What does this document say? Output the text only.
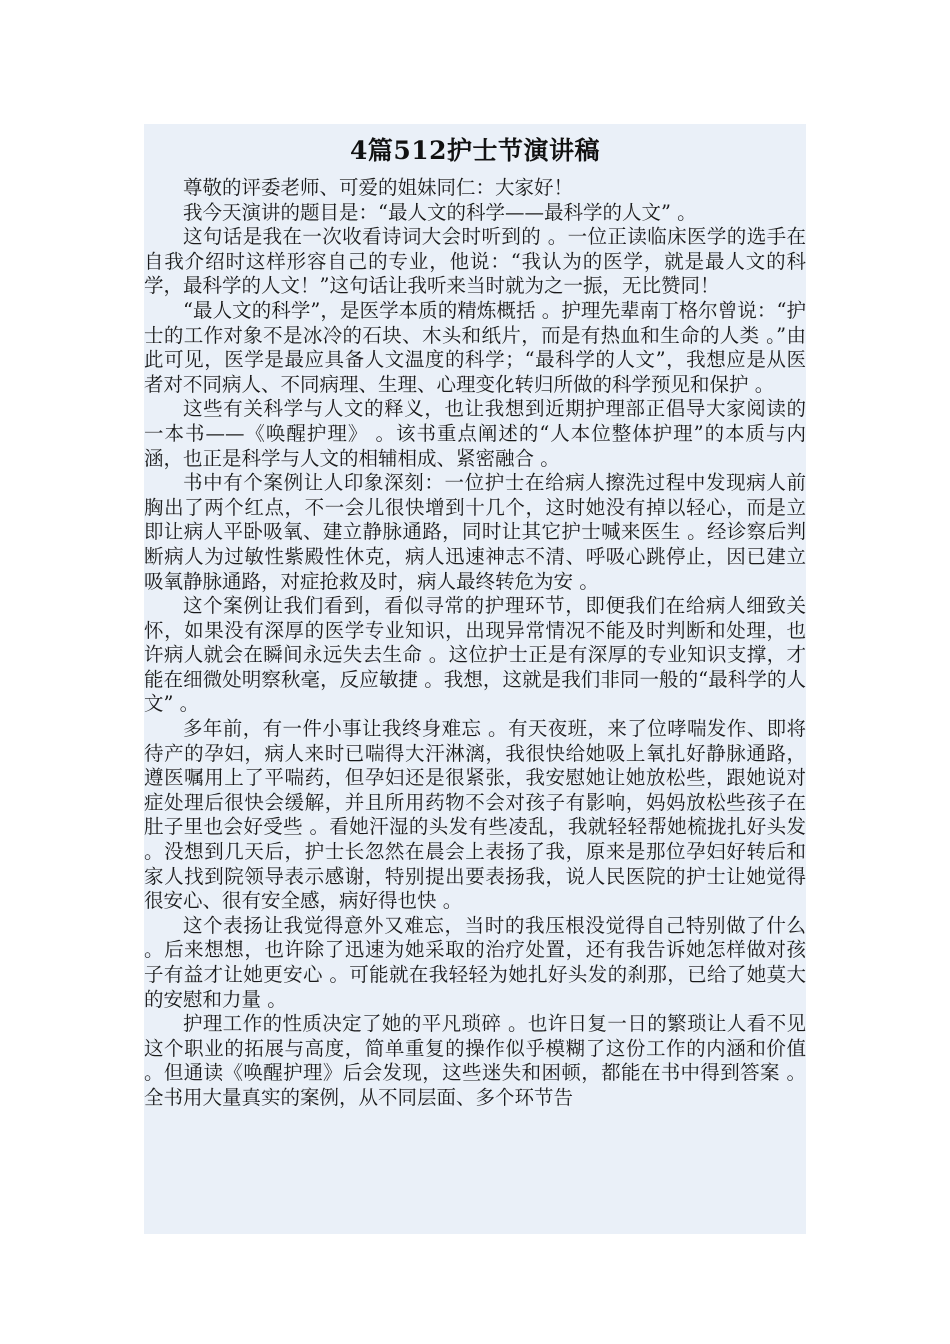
4篇512护士节演讲稿

尊敬的评委老师、可爱的姐妹同仁：大家好！

我今天演讲的题目是：“最人文的科学——最科学的人文” 。

这句话是我在一次收看诗词大会时听到的 。一位正读临床医学的选手在自我介绍时这样形容自己的专业，他说：“我认为的医学，就是最人文的科学，最科学的人文！”这句话让我听来当时就为之一振，无比赞同！

“最人文的科学”，是医学本质的精炼概括 。护理先辈南丁格尔曾说：“护士的工作对象不是冰冷的石块、木头和纸片，而是有热血和生命的人类 。”由此可见，医学是最应具备人文温度的科学；“最科学的人文”，我想应是从医者对不同病人、不同病理、生理、心理变化转归所做的科学预见和保护 。

这些有关科学与人文的释义，也让我想到近期护理部正倡导大家阅读的一本书——《唤醒护理》 。该书重点阐述的“人本位整体护理”的本质与内涵，也正是科学与人文的相辅相成、紧密融合 。

书中有个案例让人印象深刻：一位护士在给病人擦洗过程中发现病人前胸出了两个红点，不一会儿很快增到十几个，这时她没有掉以轻心，而是立即让病人平卧吸氧、建立静脉通路，同时让其它护士喊来医生 。经诊察后判断病人为过敏性紫殿性休克，病人迅速神志不清、呼吸心跳停止，因已建立吸氧静脉通路，对症抢救及时，病人最终转危为安 。

这个案例让我们看到，看似寻常的护理环节，即便我们在给病人细致关怀，如果没有深厚的医学专业知识，出现异常情况不能及时判断和处理，也许病人就会在瞬间永远失去生命 。这位护士正是有深厚的专业知识支撑，才能在细微处明察秋毫，反应敏捷 。我想，这就是我们非同一般的“最科学的人文” 。

多年前，有一件小事让我终身难忘 。有天夜班，来了位哮喘发作、即将待产的孕妇，病人来时已喘得大汗淋漓，我很快给她吸上氧扎好静脉通路，遵医嘱用上了平喘药，但孕妇还是很紧张，我安慰她让她放松些，跟她说对症处理后很快会缓解，并且所用药物不会对孩子有影响，妈妈放松些孩子在肚子里也会好受些 。看她汗湿的头发有些凌乱，我就轻轻帮她梳拢扎好头发 。没想到几天后，护士长忽然在晨会上表扬了我，原来是那位孕妇好转后和家人找到院领导表示感谢，特别提出要表扬我，说人民医院的护士让她觉得很安心、很有安全感，病好得也快 。

这个表扬让我觉得意外又难忘，当时的我压根没觉得自己特别做了什么 。后来想想，也许除了迅速为她采取的治疗处置，还有我告诉她怎样做对孩子有益才让她更安心 。可能就在我轻轻为她扎好头发的刹那，已给了她莫大的安慰和力量 。

护理工作的性质决定了她的平凡琐碎 。也许日复一日的繁琐让人看不见这个职业的拓展与高度，简单重复的操作似乎模糊了这份工作的内涵和价值 。但通读《唤醒护理》后会发现，这些迷失和困顿，都能在书中得到答案 。全书用大量真实的案例，从不同层面、多个环节告
